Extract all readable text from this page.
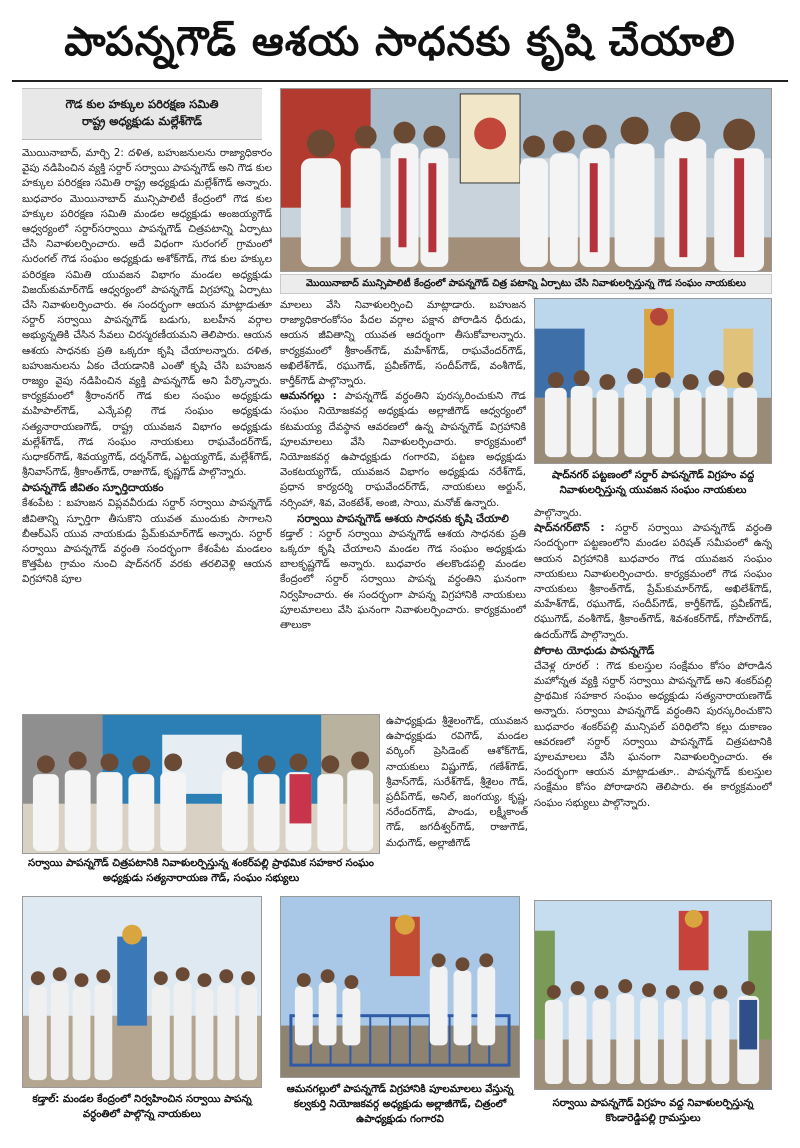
పాపన్నగౌడ్ ఆశయ సాధనకు కృషి చేయాలి
గౌడ కుల హక్కుల పరిరక్షణ సమితి
రాష్ట్ర అధ్యక్షుడు మల్లేశ్‌గౌడ్

మొయినాబాద్, మార్చి 2: దళిత, బహుజనులను రాజ్యాధికారం వైపు నడిపించిన వ్యక్తి సర్దార్ సర్వాయి పాపన్నగౌడ్ అని గౌడ కుల హక్కుల పరిరక్షణ సమితి రాష్ట్ర అధ్యక్షుడు మల్లేశ్‌గౌడ్ అన్నారు. బుధవారం మొయినాబాద్ మున్సిపాలిటీ కేంద్రంలో గౌడ కుల హక్కుల పరిరక్షణ సమితి మండల అధ్యక్షుడు అంజయ్యగౌడ్ ఆధ్వర్యంలో సర్దార్‌సర్వాయి పాపన్నగౌడ్ చిత్రపటాన్ని ఏర్పాటు చేసి నివాళులర్పించారు. అదే విధంగా సురంగల్ గ్రామంలో సురంగల్ గౌడ సంఘం అధ్యక్షుడు అశోక్‌గౌడ్, గౌడ కుల హక్కుల పరిరక్షణ సమితి యువజన విభాగం మండల అధ్యక్షుడు విజయ్‌కుమార్‌గౌడ్ ఆధ్వర్యంలో పాపన్నగౌడ్ విగ్రహాన్ని ఏర్పాటు చేసి నివాళులర్పించారు. ఈ సందర్భంగా ఆయన మాట్లాడుతూ సర్దార్ సర్వాయి పాపన్నగౌడ్ బడుగు, బలహీన వర్గాల అభ్యున్నతికి చేసిన సేవలు చిరస్మరణీయమని తెలిపారు. ఆయన ఆశయ సాధనకు ప్రతి ఒక్కరూ కృషి చేయాలన్నారు. దళిత, బహుజనులను ఏకం చేయడానికి ఎంతో కృషి చేసి బహుజన రాజ్యం వైపు నడిపించిన వ్యక్తి పాపన్నగౌడ్ అని పేర్కొన్నారు. కార్యక్రమంలో శ్రీరాంనగర్ గౌడ కుల సంఘం అధ్యక్షుడు మహిపాల్‌గౌడ్, ఎన్కేపల్లి గౌడ సంఘం అధ్యక్షుడు సత్యనారాయణగౌడ్, రాష్ట్ర యువజన విభాగం అధ్యక్షుడు మల్లేశ్‌గౌడ్, గౌడ సంఘం నాయకులు రాఘవేందర్‌గౌడ్, సుధాకర్‌గౌడ్, శివయ్యగౌడ్, దర్శన్‌గౌడ్, ఎట్టయ్యగౌడ్, మల్లేశ్‌గౌడ్, శ్రీనివాస్‌గౌడ్, శ్రీకాంత్‌గౌడ్, రాజుగౌడ్, కృష్ణగౌడ్ పాల్గొన్నారు.

పాపన్నగౌడ్ జీవితం స్ఫూర్తిదాయకం

కేశంపేట : బహుజన విప్లవవీరుడు సర్దార్ సర్వాయి పాపన్నగౌడ్ జీవితాన్ని స్ఫూర్తిగా తీసుకొని యువత ముందుకు సాగాలని బీఆర్‌ఎస్ యువ నాయకుడు ప్రేమ్‌కుమార్‌గౌడ్ అన్నారు. సర్దార్ సర్వాయి పాపన్నగౌడ్ వర్ధంతి సందర్భంగా కేశంపేట మండలం కొత్తపేట గ్రామం నుంచి షాద్‌నగర్ వరకు తరలివెళ్లి ఆయన విగ్రహానికి పూల

మొయినాబాద్ మున్సిపాలిటీ కేంద్రంలో పాపన్నగౌడ్ చిత్ర పటాన్ని ఏర్పాటు చేసి నివాళులర్పిస్తున్న గౌడ సంఘం నాయకులు

మాలలు వేసి నివాళులర్పించి మాట్లాడారు. బహుజన రాజ్యాధికారంకోసం పేదల వర్గాల పక్షాన పోరాడిన ధీరుడు, ఆయన జీవితాన్ని యువత ఆదర్శంగా తీసుకోవాలన్నారు. కార్యక్రమంలో శ్రీకాంత్‌గౌడ్, మహేశ్‌గౌడ్, రాఘవేందర్‌గౌడ్, అఖిలేశ్‌గౌడ్, రఘుగౌడ్, ప్రవీణ్‌గౌడ్, సందీప్‌గౌడ్, వంశీగౌడ్, కార్తీక్‌గౌడ్ పాల్గొన్నారు.

ఆమనగల్లు : పాపన్నగౌడ్ వర్ధంతిని పురస్కరించుకుని గౌడ సంఘం నియోజకవర్గ అధ్యక్షుడు అల్లాజీగౌడ్ ఆధ్వర్యంలో కటమయ్య దేవస్థాన ఆవరణలో ఉన్న పాపన్నగౌడ్ విగ్రహానికి పూలమాలలు వేసి నివాళులర్పించారు. కార్యక్రమంలో నియోజకవర్గ ఉపాధ్యక్షుడు గంగారవి, పట్టణ అధ్యక్షుడు వెంకటయ్యగౌడ్, యువజన విభాగం అధ్యక్షుడు నరేశ్‌గౌడ్, ప్రధాన కార్యదర్శి రాఘవేందర్‌గౌడ్, నాయకులు అర్జున్, నర్సింహా, శివ, వెంకటేశ్, అంజి, సాయి, మనోజ్ ఉన్నారు.

సర్వాయి పాపన్నగౌడ్ ఆశయ సాధనకు కృషి చేయాలి

కడ్తాల్ : సర్దార్ సర్వాయి పాపన్నగౌడ్ ఆశయ సాధనకు ప్రతి ఒక్కరూ కృషి చేయాలని మండల గౌడ సంఘం అధ్యక్షుడు బాలకృష్ణగౌడ్ అన్నారు. బుధవారం తలకొండపల్లి మండల కేంద్రంలో సర్దార్ సర్వాయి పాపన్న వర్ధంతిని ఘనంగా నిర్వహించారు. ఈ సందర్భంగా పాపన్న విగ్రహానికి నాయకులు పూలమాలలు వేసి ఘనంగా నివాళులర్పించారు. కార్యక్రమంలో తాలుకా

షాద్‌నగర్ పట్టణంలో సర్దార్ పాపన్నగౌడ్ విగ్రహం వద్ద నివాళులర్పిస్తున్న యువజన సంఘం నాయకులు

పాల్గొన్నారు.

షాద్‌నగర్‌టౌన్ : సర్దార్ సర్వాయి పాపన్నగౌడ్ వర్ధంతి సందర్భంగా పట్టణంలోని మండల పరిషత్ సమీపంలో ఉన్న ఆయన విగ్రహానికి బుధవారం గౌడ యువజన సంఘం నాయకులు నివాళులర్పించారు. కార్యక్రమంలో గౌడ సంఘం నాయకులు శ్రీకాంత్‌గౌడ్, ప్రేమ్‌కుమార్‌గౌడ్, అఖిలేశ్‌గౌడ్, మహేశ్‌గౌడ్, రఘుగౌడ్, సందీప్‌గౌడ్, కార్తీక్‌గౌడ్, ప్రవీణ్‌గౌడ్, రఘుగౌడ్, వంశీగౌడ్, శ్రీకాంత్‌గౌడ్, శివశంకర్‌గౌడ్, గోపాల్‌గౌడ్, ఉదయ్‌గౌడ్ పాల్గొన్నారు.

పోరాట యోధుడు పాపన్నగౌడ్

చేవెళ్ల రూరల్ : గౌడ కులస్తుల సంక్షేమం కోసం పోరాడిన మహోన్నత వ్యక్తి సర్దార్ సర్వాయి పాపన్నగౌడ్ అని శంకర్‌పల్లి ప్రాథమిక సహకార సంఘం అధ్యక్షుడు సత్యనారాయణగౌడ్ అన్నారు. సర్వాయి పాపన్నగౌడ్ వర్ధంతిని పురస్కరించుకొని బుధవారం శంకర్‌పల్లి మున్సిపల్ పరిధిలోని కల్లు దుకాణం ఆవరణలో సర్దార్ సర్వాయి పాపన్నగౌడ్ చిత్రపటానికి పూలమాలలు వేసి ఘనంగా నివాళులర్పించారు. ఈ సందర్భంగా ఆయన మాట్లాడుతూ.. పాపన్నగౌడ్ కులస్తుల సంక్షేమం కోసం పోరాడారని తెలిపారు. ఈ కార్యక్రమంలో సంఘం సభ్యులు పాల్గొన్నారు.

సర్వాయి పాపన్నగౌడ్ చిత్రపటానికి నివాళులర్పిస్తున్న శంకర్‌పల్లి ప్రాథమిక సహకార సంఘం అధ్యక్షుడు సత్యనారాయణ గౌడ్, సంఘం సభ్యులు

ఉపాధ్యక్షుడు శ్రీశైలంగౌడ్, యువజన ఉపాధ్యక్షుడు రవిగౌడ్, మండల వర్కింగ్ ప్రెసిడెంట్ ఆశోక్‌గౌడ్, నాయకులు విష్ణుగౌడ్, గణేశ్‌గౌడ్, శ్రీవాస్‌గౌడ్, సురేశ్‌గౌడ్, శ్రీశైలం గౌడ్, ప్రదీప్‌గౌడ్, అనిల్, జంగయ్య, కృష్ణ, నరేందర్‌గౌడ్, పాండు, లక్ష్మీకాంత్ గౌడ్, జగదీశ్వర్‌గౌడ్, రాజుగౌడ్, మధుగౌడ్, అల్లాజీగౌడ్

కడ్తాల్: మండల కేంద్రంలో నిర్వహించిన సర్వాయి పాపన్న వర్ధంతిలో పాల్గొన్న నాయకులు
ఆమనగల్లులో పాపన్నగౌడ్ విగ్రహానికి పూలమాలలు వేస్తున్న కల్వకుర్తి నియోజకవర్గ అధ్యక్షుడు అల్లాజీగౌడ్, చిత్రంలో ఉపాధ్యక్షుడు గంగారవి
సర్వాయి పాపన్నగౌడ్ విగ్రహం వద్ద నివాళులర్పిస్తున్న కొండారెడ్డిపల్లి గ్రామస్తులు
